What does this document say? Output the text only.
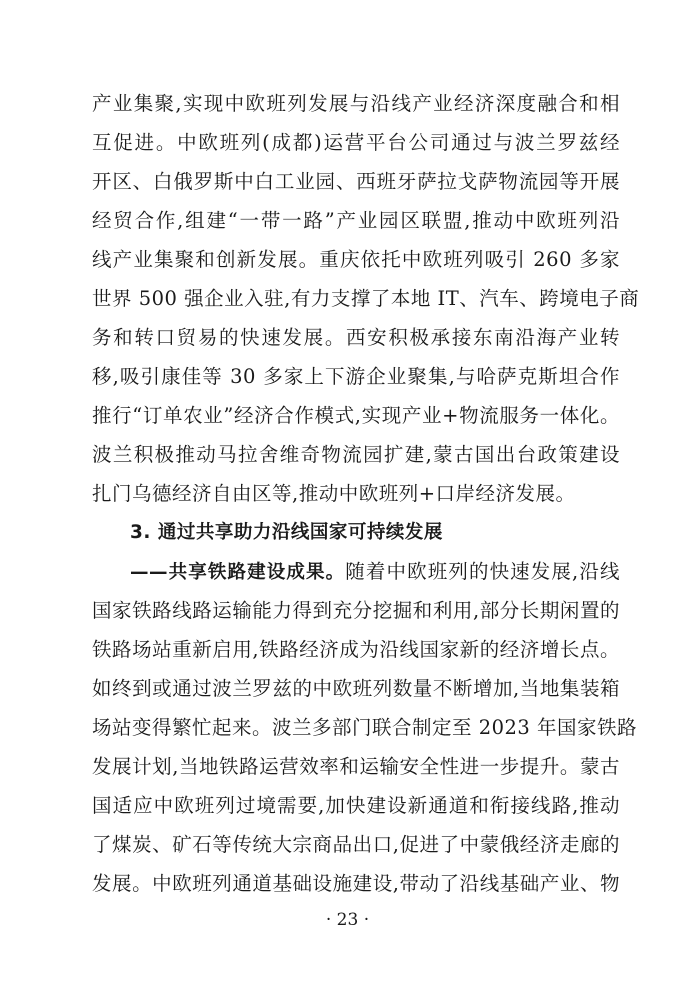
产业集聚,实现中欧班列发展与沿线产业经济深度融合和相
互促进。中欧班列(成都)运营平台公司通过与波兰罗兹经
开区、白俄罗斯中白工业园、西班牙萨拉戈萨物流园等开展
经贸合作,组建“一带一路”产业园区联盟,推动中欧班列沿
线产业集聚和创新发展。重庆依托中欧班列吸引 260 多家
世界 500 强企业入驻,有力支撑了本地 IT、汽车、跨境电子商
务和转口贸易的快速发展。西安积极承接东南沿海产业转
移,吸引康佳等 30 多家上下游企业聚集,与哈萨克斯坦合作
推行“订单农业”经济合作模式,实现产业+物流服务一体化。
波兰积极推动马拉舍维奇物流园扩建,蒙古国出台政策建设
扎门乌德经济自由区等,推动中欧班列+口岸经济发展。
3. 通过共享助力沿线国家可持续发展
——共享铁路建设成果。随着中欧班列的快速发展,沿线
国家铁路线路运输能力得到充分挖掘和利用,部分长期闲置的
铁路场站重新启用,铁路经济成为沿线国家新的经济增长点。
如终到或通过波兰罗兹的中欧班列数量不断增加,当地集装箱
场站变得繁忙起来。波兰多部门联合制定至 2023 年国家铁路
发展计划,当地铁路运营效率和运输安全性进一步提升。蒙古
国适应中欧班列过境需要,加快建设新通道和衔接线路,推动
了煤炭、矿石等传统大宗商品出口,促进了中蒙俄经济走廊的
发展。中欧班列通道基础设施建设,带动了沿线基础产业、物
· 23 ·
